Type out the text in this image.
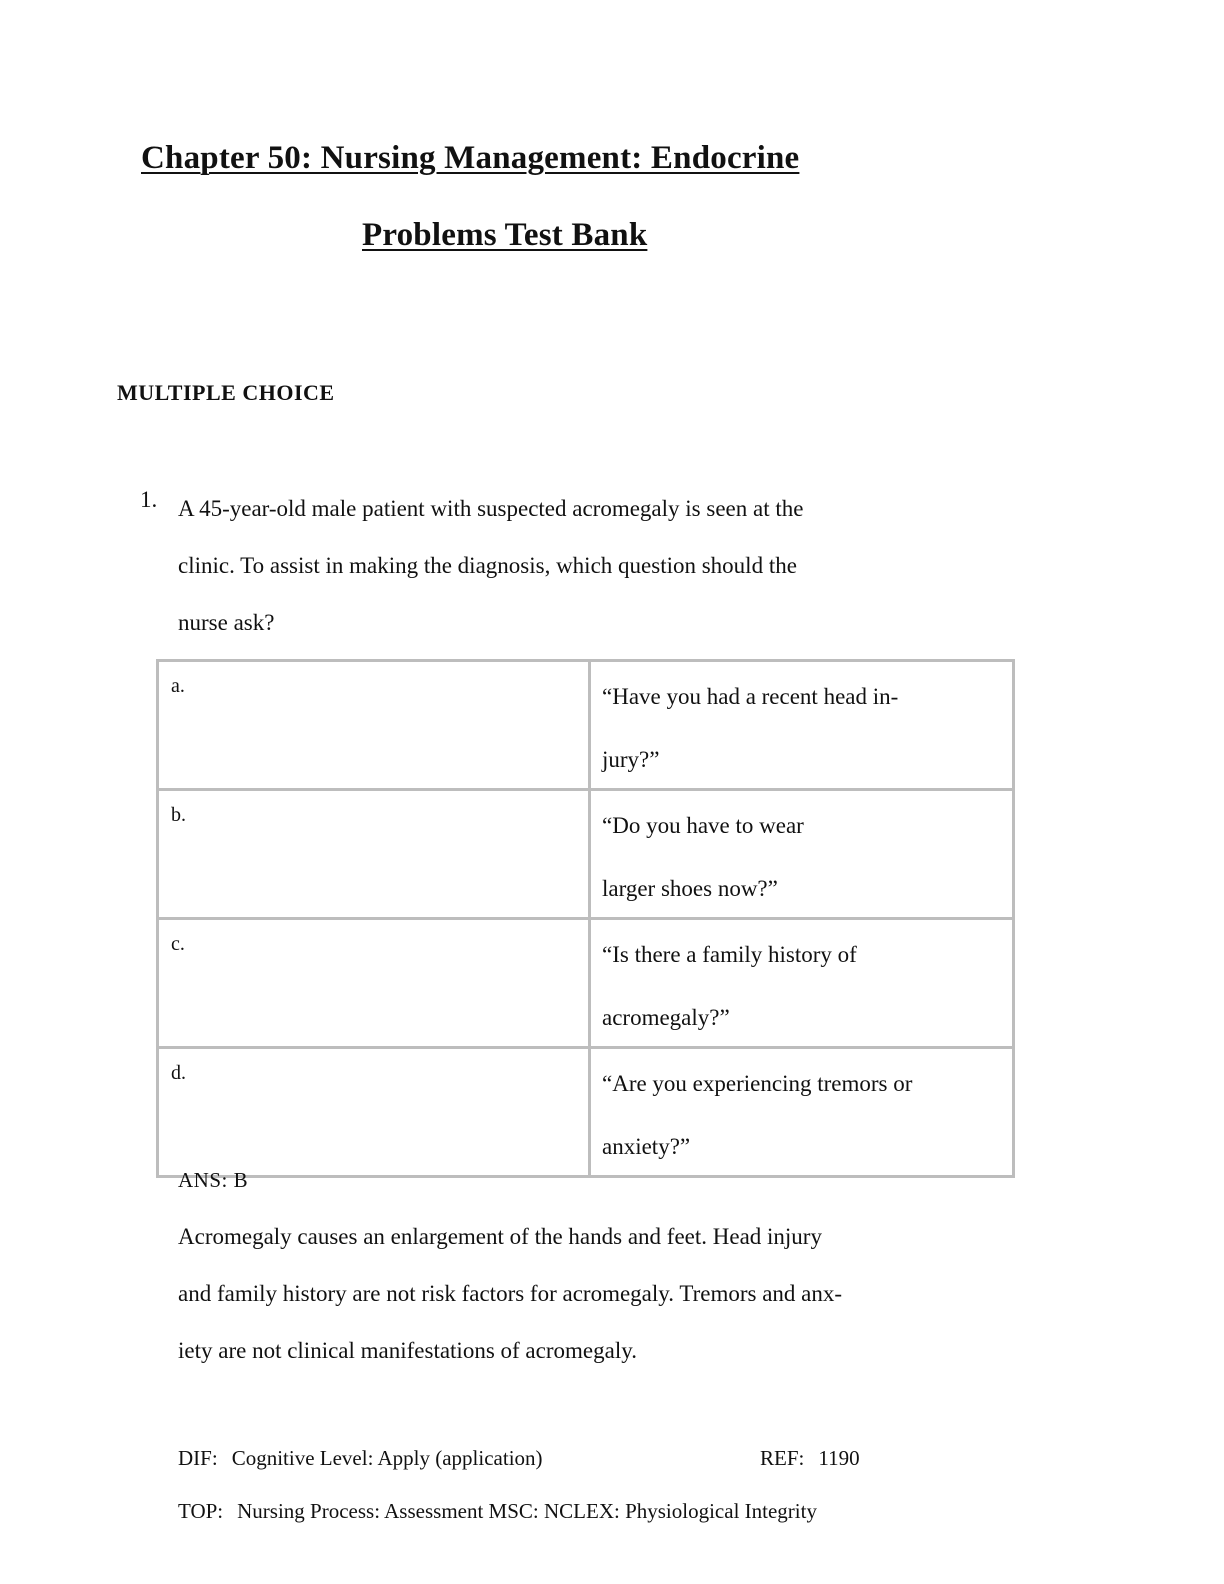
Chapter 50: Nursing Management: Endocrine
Problems Test Bank
MULTIPLE CHOICE
1. A 45-year-old male patient with suspected acromegaly is seen at the
clinic. To assist in making the diagnosis, which question should the
nurse ask?
a.	“Have you had a recent head in-
jury?”

b.	“Do you have to wear
larger shoes now?”

c.	“Is there a family history of
acromegaly?”

d.	“Are you experiencing tremors or
anxiety?”
ANS: B
Acromegaly causes an enlargement of the hands and feet. Head injury
and family history are not risk factors for acromegaly. Tremors and anx-
iety are not clinical manifestations of acromegaly.
DIF: Cognitive Level: Apply (application)	REF: 1190
TOP: Nursing Process: Assessment MSC: NCLEX: Physiological Integrity
